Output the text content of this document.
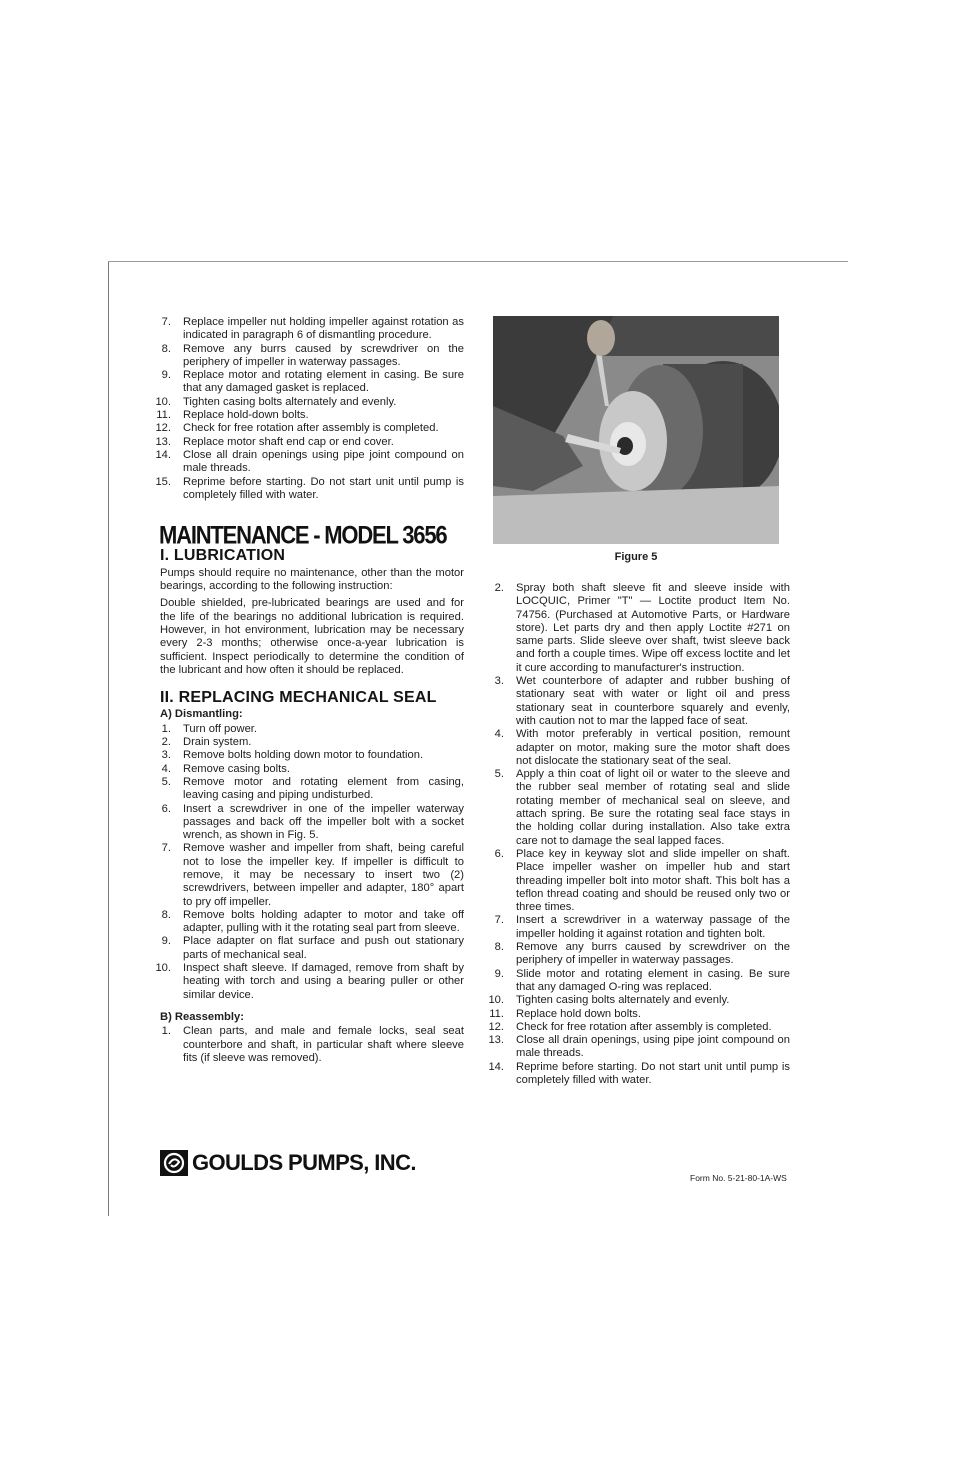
7.	Replace impeller nut holding impeller against rotation as indicated in paragraph 6 of dismantling procedure.
8.	Remove any burrs caused by screwdriver on the periphery of impeller in waterway passages.
9.	Replace motor and rotating element in casing. Be sure that any damaged gasket is replaced.
10.	Tighten casing bolts alternately and evenly.
11.	Replace hold-down bolts.
12.	Check for free rotation after assembly is completed.
13.	Replace motor shaft end cap or end cover.
14.	Close all drain openings using pipe joint compound on male threads.
15.	Reprime before starting. Do not start unit until pump is completely filled with water.
MAINTENANCE - MODEL 3656
I. LUBRICATION

Pumps should require no maintenance, other than the motor bearings, according to the following instruction:

Double shielded, pre-lubricated bearings are used and for the life of the bearings no additional lubrication is required. However, in hot environment, lubrication may be necessary every 2-3 months; otherwise once-a-year lubrication is sufficient. Inspect periodically to determine the condition of the lubricant and how often it should be replaced.

II. REPLACING MECHANICAL SEAL
A) Dismantling:
1.	Turn off power.
2.	Drain system.
3.	Remove bolts holding down motor to foundation.
4.	Remove casing bolts.
5.	Remove motor and rotating element from casing, leaving casing and piping undisturbed.
6.	Insert a screwdriver in one of the impeller waterway passages and back off the impeller bolt with a socket wrench, as shown in Fig. 5.
7.	Remove washer and impeller from shaft, being careful not to lose the impeller key. If impeller is difficult to remove, it may be necessary to insert two (2) screwdrivers, between impeller and adapter, 180° apart to pry off impeller.
8.	Remove bolts holding adapter to motor and take off adapter, pulling with it the rotating seal part from sleeve.
9.	Place adapter on flat surface and push out stationary parts of mechanical seal.
10.	Inspect shaft sleeve. If damaged, remove from shaft by heating with torch and using a bearing puller or other similar device.
B) Reassembly:
1.	Clean parts, and male and female locks, seal seat counterbore and shaft, in particular shaft where sleeve fits (if sleeve was removed).
Figure 5
2.	Spray both shaft sleeve fit and sleeve inside with LOCQUIC, Primer "T" — Loctite product Item No. 74756. (Purchased at Automotive Parts, or Hardware store). Let parts dry and then apply Loctite #271 on same parts. Slide sleeve over shaft, twist sleeve back and forth a couple times. Wipe off excess loctite and let it cure according to manufacturer's instruction.
3.	Wet counterbore of adapter and rubber bushing of stationary seat with water or light oil and press stationary seat in counterbore squarely and evenly, with caution not to mar the lapped face of seat.
4.	With motor preferably in vertical position, remount adapter on motor, making sure the motor shaft does not dislocate the stationary seat of the seal.
5.	Apply a thin coat of light oil or water to the sleeve and the rubber seal member of rotating seal and slide rotating member of mechanical seal on sleeve, and attach spring. Be sure the rotating seal face stays in the holding collar during installation. Also take extra care not to damage the seal lapped faces.
6.	Place key in keyway slot and slide impeller on shaft. Place impeller washer on impeller hub and start threading impeller bolt into motor shaft. This bolt has a teflon thread coating and should be reused only two or three times.
7.	Insert a screwdriver in a waterway passage of the impeller holding it against rotation and tighten bolt.
8.	Remove any burrs caused by screwdriver on the periphery of impeller in waterway passages.
9.	Slide motor and rotating element in casing. Be sure that any damaged O-ring was replaced.
10.	Tighten casing bolts alternately and evenly.
11.	Replace hold down bolts.
12.	Check for free rotation after assembly is completed.
13.	Close all drain openings, using pipe joint compound on male threads.
14.	Reprime before starting. Do not start unit until pump is completely filled with water.
GOULDS PUMPS, INC.
Form No. 5-21-80-1A-WS
